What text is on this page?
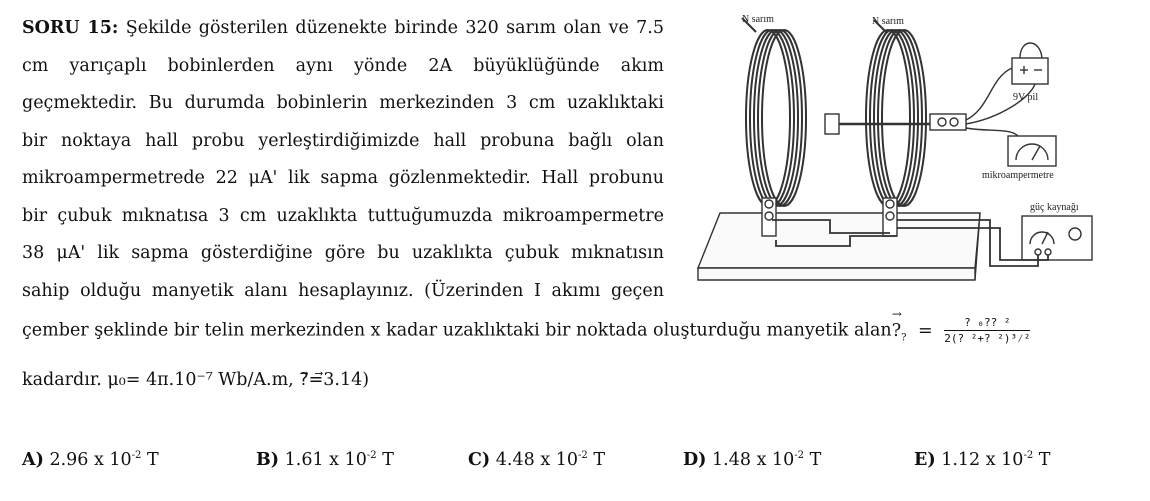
SORU 15: Şekilde gösterilen düzenekte birinde 320 sarım olan ve 7.5
cm yarıçaplı bobinlerden aynı yönde 2A büyüklüğünde akım
geçmektedir. Bu durumda bobinlerin merkezinden 3 cm uzaklıktaki
bir noktaya hall probu yerleştirdiğimizde hall probuna bağlı olan
mikroampermetrede 22 μA' lik sapma gözlenmektedir. Hall probunu
bir çubuk mıknatısa 3 cm uzaklıkta tuttuğumuzda mikroampermetre
38 μA' lik sapma gösterdiğine göre bu uzaklıkta çubuk mıknatısın
sahip olduğu manyetik alanı hesaplayınız. (Üzerinden I akımı geçen
çember şeklinde bir telin merkezinden x kadar uzaklıktaki bir noktada oluşturduğu manyetik alan
→
$?_? = \frac{\text{? ₀?? ²}}{\text{2(? ²+? ²)³⁄²}}$
kadardır. μ₀= 4π.10⁻⁷ Wb/A.m, ?⃗=⃗3.14)
N sarım	N sarım
9V pil
mikroampermetre
güç kaynağı
A) 2.96 x $10^{-2}$ T	B) 1.61 x $10^{-2}$ T	C) 4.48 x $10^{-2}$ T	D) 1.48 x $10^{-2}$ T	E) 1.12 x $10^{-2}$ T
